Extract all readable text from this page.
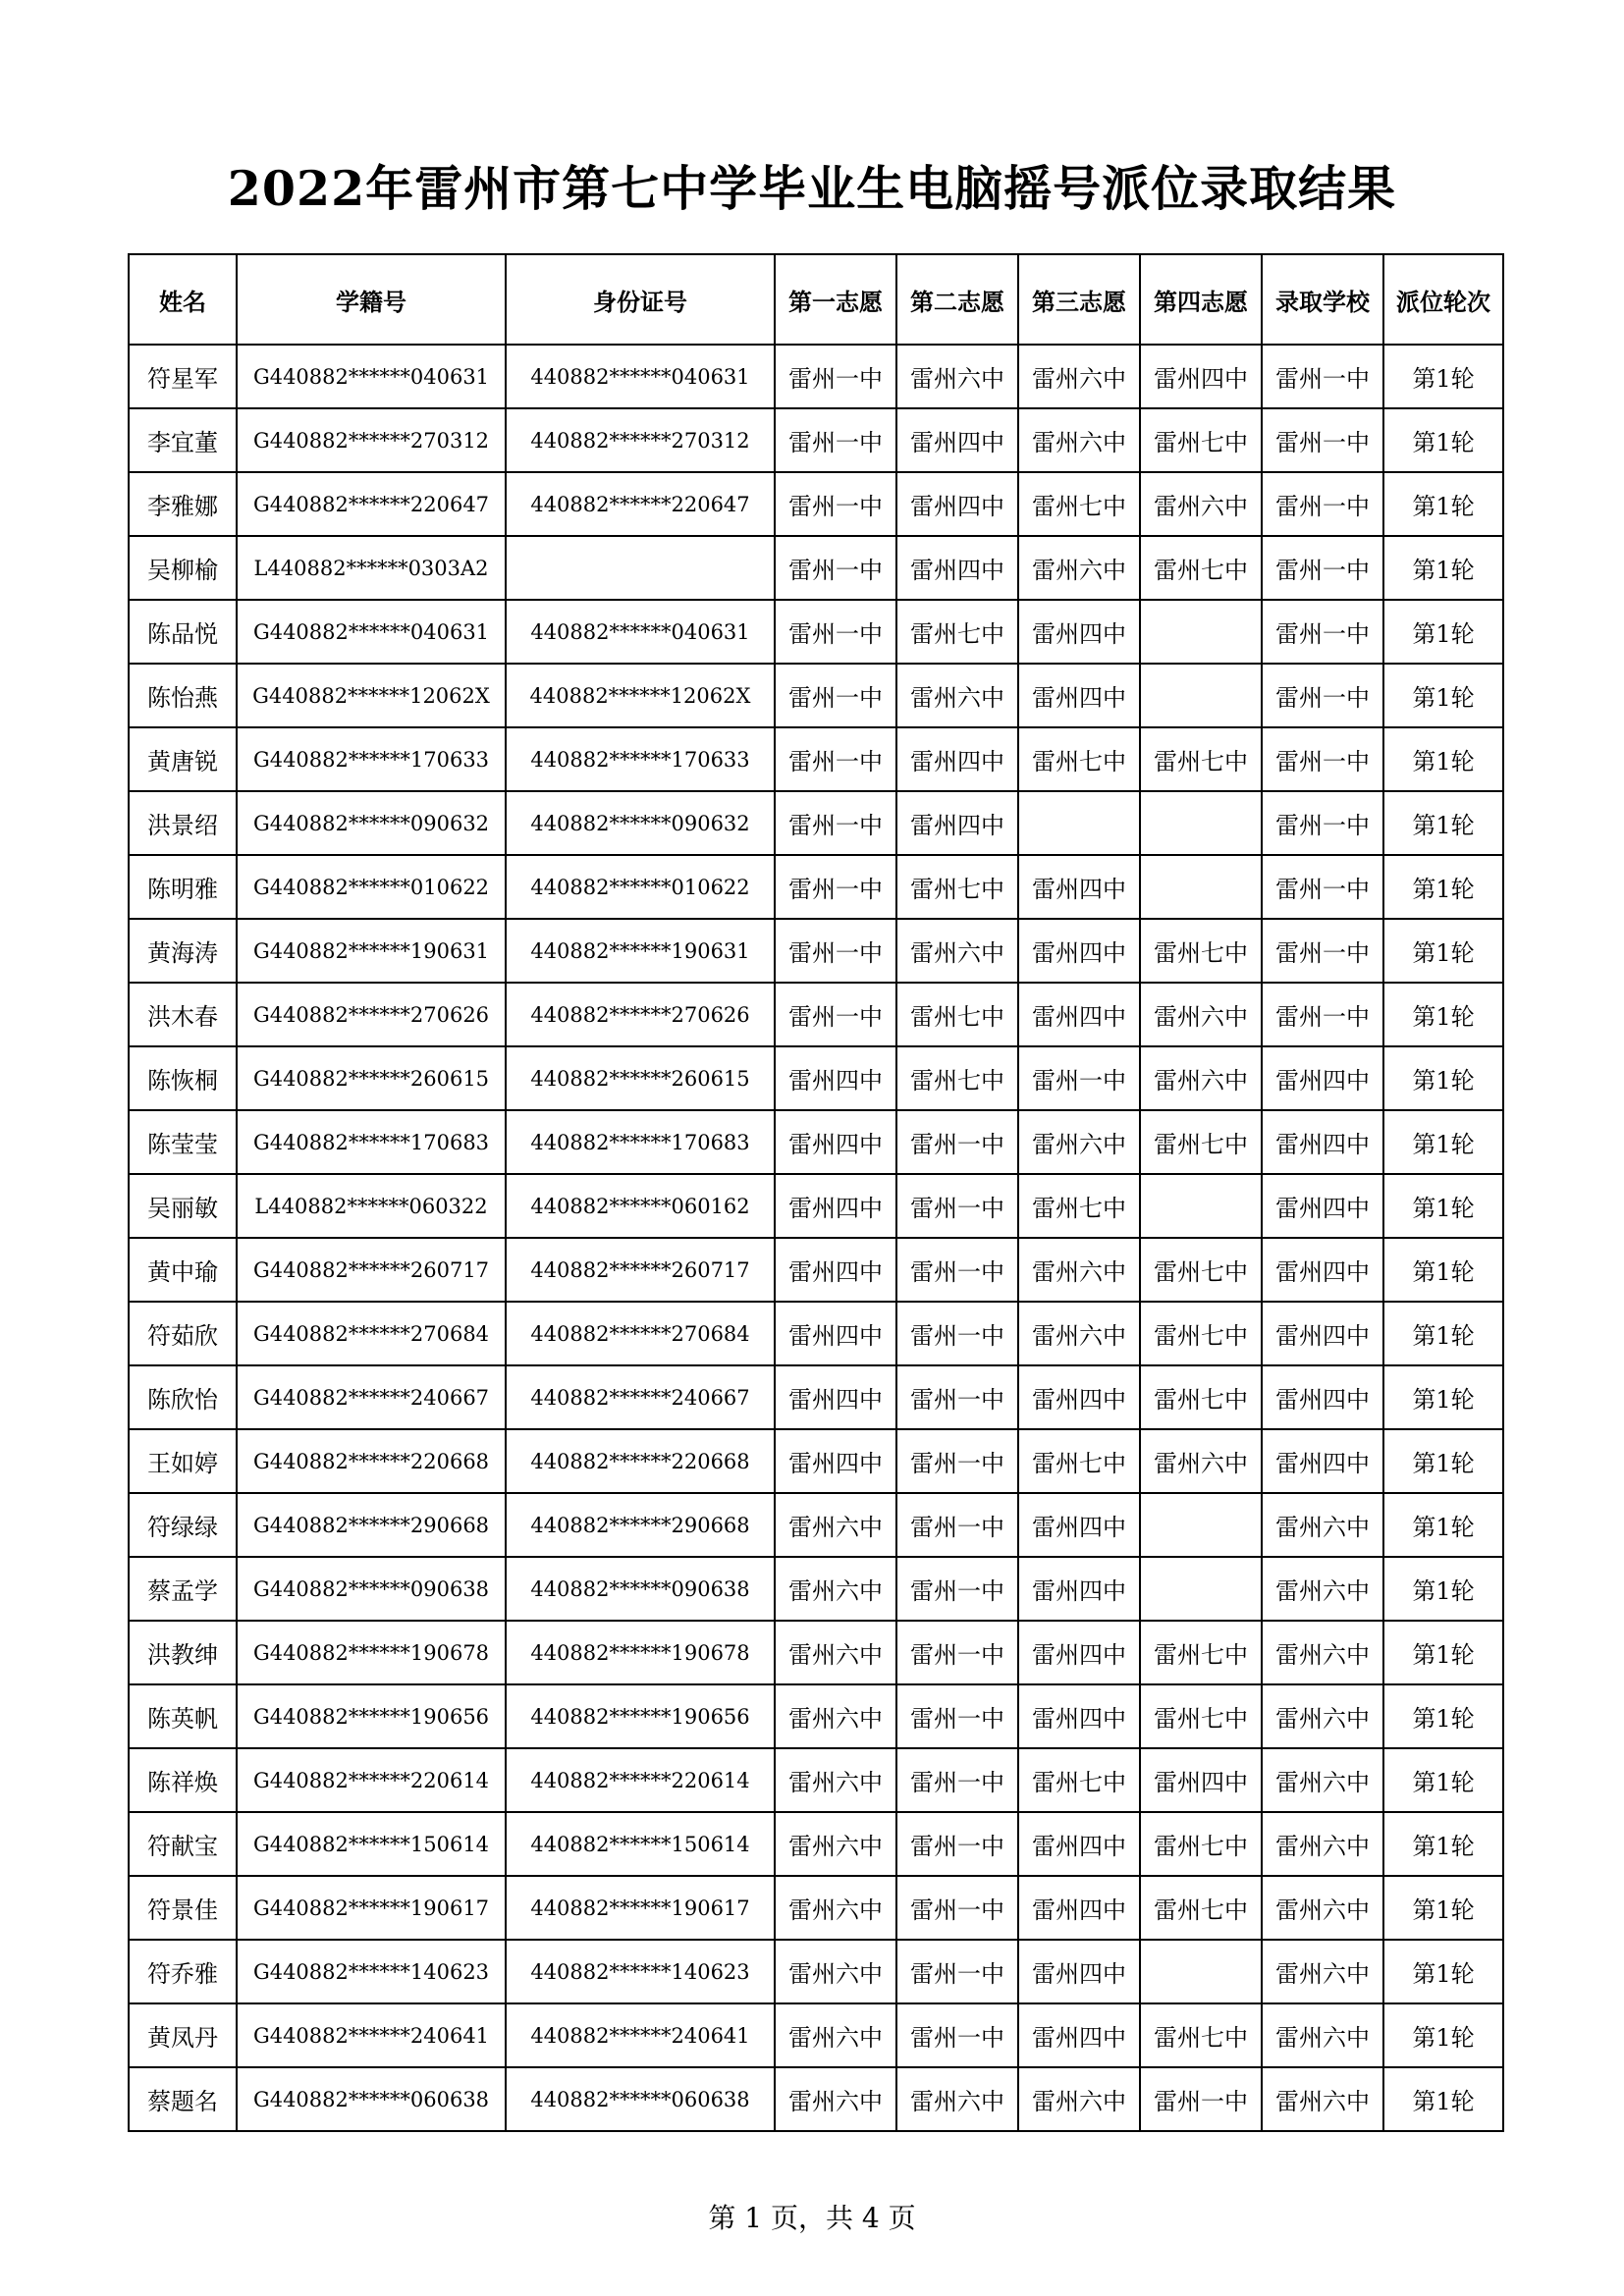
2022年雷州市第七中学毕业生电脑摇号派位录取结果
姓名	学籍号	身份证号	第一志愿	第二志愿	第三志愿	第四志愿	录取学校	派位轮次
符星军	G440882******040631	440882******040631	雷州一中	雷州六中	雷州六中	雷州四中	雷州一中	第1轮
李宜董	G440882******270312	440882******270312	雷州一中	雷州四中	雷州六中	雷州七中	雷州一中	第1轮
李雅娜	G440882******220647	440882******220647	雷州一中	雷州四中	雷州七中	雷州六中	雷州一中	第1轮
吴柳榆	L440882******0303A2		雷州一中	雷州四中	雷州六中	雷州七中	雷州一中	第1轮
陈品悦	G440882******040631	440882******040631	雷州一中	雷州七中	雷州四中		雷州一中	第1轮
陈怡燕	G440882******12062X	440882******12062X	雷州一中	雷州六中	雷州四中		雷州一中	第1轮
黄唐锐	G440882******170633	440882******170633	雷州一中	雷州四中	雷州七中	雷州七中	雷州一中	第1轮
洪景绍	G440882******090632	440882******090632	雷州一中	雷州四中			雷州一中	第1轮
陈明雅	G440882******010622	440882******010622	雷州一中	雷州七中	雷州四中		雷州一中	第1轮
黄海涛	G440882******190631	440882******190631	雷州一中	雷州六中	雷州四中	雷州七中	雷州一中	第1轮
洪木春	G440882******270626	440882******270626	雷州一中	雷州七中	雷州四中	雷州六中	雷州一中	第1轮
陈恢桐	G440882******260615	440882******260615	雷州四中	雷州七中	雷州一中	雷州六中	雷州四中	第1轮
陈莹莹	G440882******170683	440882******170683	雷州四中	雷州一中	雷州六中	雷州七中	雷州四中	第1轮
吴丽敏	L440882******060322	440882******060162	雷州四中	雷州一中	雷州七中		雷州四中	第1轮
黄中瑜	G440882******260717	440882******260717	雷州四中	雷州一中	雷州六中	雷州七中	雷州四中	第1轮
符茹欣	G440882******270684	440882******270684	雷州四中	雷州一中	雷州六中	雷州七中	雷州四中	第1轮
陈欣怡	G440882******240667	440882******240667	雷州四中	雷州一中	雷州四中	雷州七中	雷州四中	第1轮
王如婷	G440882******220668	440882******220668	雷州四中	雷州一中	雷州七中	雷州六中	雷州四中	第1轮
符绿绿	G440882******290668	440882******290668	雷州六中	雷州一中	雷州四中		雷州六中	第1轮
蔡孟学	G440882******090638	440882******090638	雷州六中	雷州一中	雷州四中		雷州六中	第1轮
洪教绅	G440882******190678	440882******190678	雷州六中	雷州一中	雷州四中	雷州七中	雷州六中	第1轮
陈英帆	G440882******190656	440882******190656	雷州六中	雷州一中	雷州四中	雷州七中	雷州六中	第1轮
陈祥焕	G440882******220614	440882******220614	雷州六中	雷州一中	雷州七中	雷州四中	雷州六中	第1轮
符献宝	G440882******150614	440882******150614	雷州六中	雷州一中	雷州四中	雷州七中	雷州六中	第1轮
符景佳	G440882******190617	440882******190617	雷州六中	雷州一中	雷州四中	雷州七中	雷州六中	第1轮
符乔雅	G440882******140623	440882******140623	雷州六中	雷州一中	雷州四中		雷州六中	第1轮
黄凤丹	G440882******240641	440882******240641	雷州六中	雷州一中	雷州四中	雷州七中	雷州六中	第1轮
蔡题名	G440882******060638	440882******060638	雷州六中	雷州六中	雷州六中	雷州一中	雷州六中	第1轮
第 1 页，共 4 页
